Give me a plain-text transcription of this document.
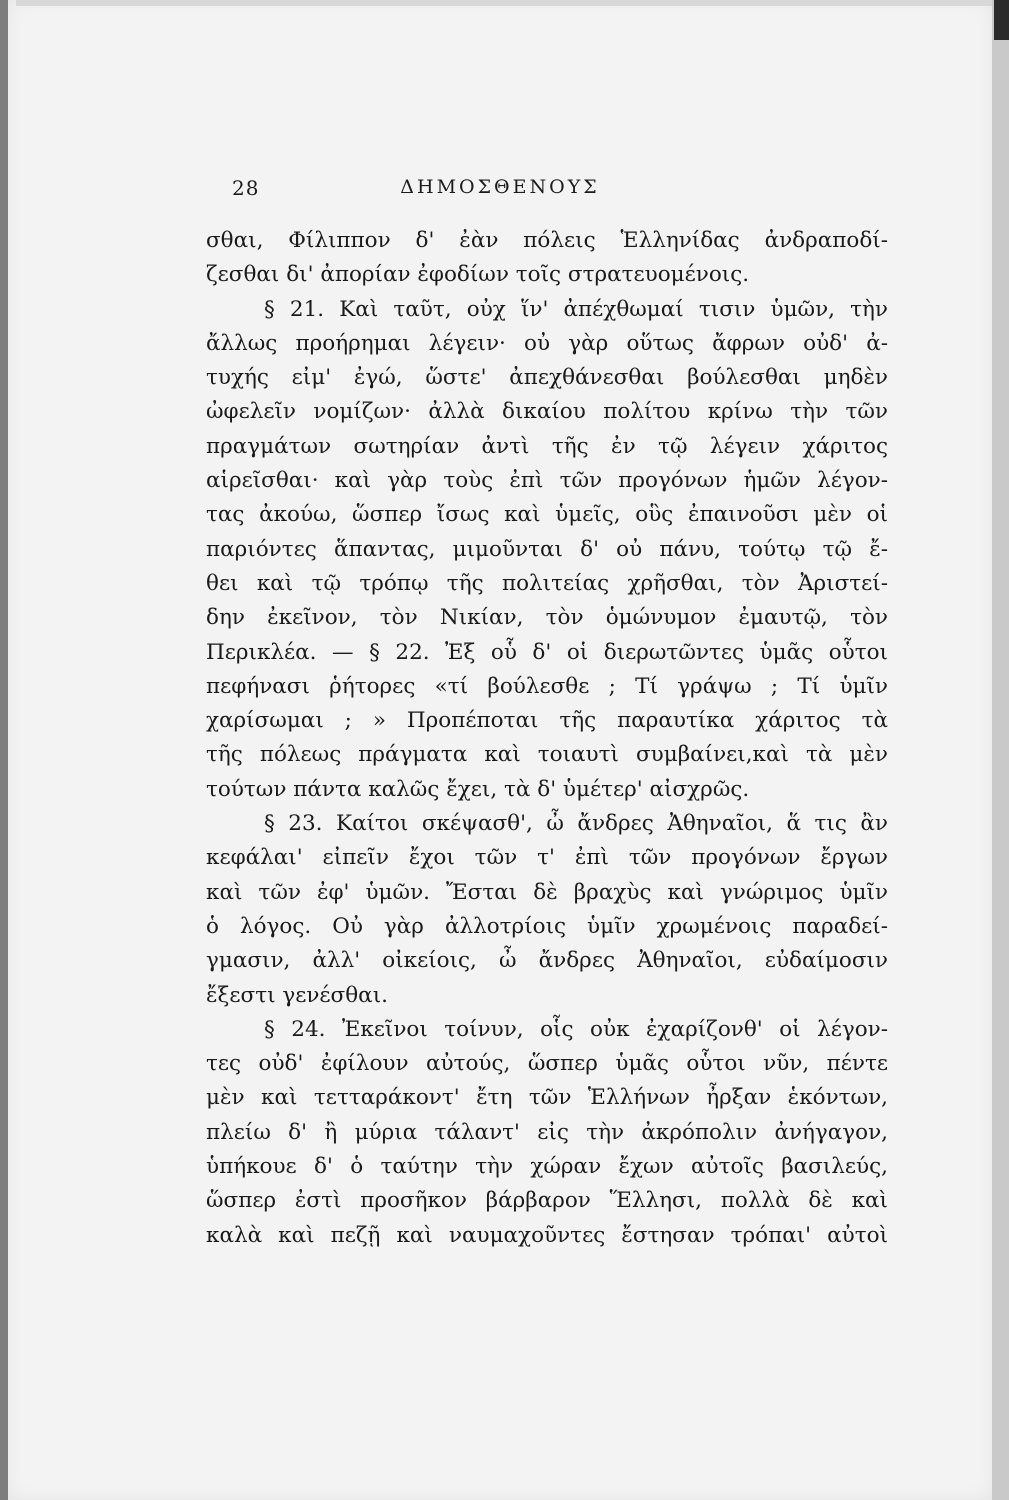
28	ΔΗΜΟΣΘΕΝΟΥΣ
σθαι, Φίλιππον δ' ἐὰν πόλεις Ἑλληνίδας ἀνδραποδί-
ζεσθαι δι' ἀπορίαν ἐφοδίων τοῖς στρατευομένοις.
§ 21. Καὶ ταῦτ, οὐχ ἵν' ἀπέχθωμαί τισιν ὑμῶν, τὴν
ἄλλως προήρημαι λέγειν· οὐ γὰρ οὕτως ἄφρων οὐδ' ἀ-
τυχής εἰμ' ἐγώ, ὥστε' ἀπεχθάνεσθαι βούλεσθαι μηδὲν
ὠφελεῖν νομίζων· ἀλλὰ δικαίου πολίτου κρίνω τὴν τῶν
πραγμάτων σωτηρίαν ἀντὶ τῆς ἐν τῷ λέγειν χάριτος
αἱρεῖσθαι· καὶ γὰρ τοὺς ἐπὶ τῶν προγόνων ἡμῶν λέγον-
τας ἀκούω, ὥσπερ ἴσως καὶ ὑμεῖς, οὓς ἐπαινοῦσι μὲν οἱ
παριόντες ἅπαντας, μιμοῦνται δ' οὐ πάνυ, τούτῳ τῷ ἔ-
θει καὶ τῷ τρόπῳ τῆς πολιτείας χρῆσθαι, τὸν Ἀριστεί-
δην ἐκεῖνον, τὸν Νικίαν, τὸν ὁμώνυμον ἐμαυτῷ, τὸν
Περικλέα. — § 22. Ἐξ οὗ δ' οἱ διερωτῶντες ὑμᾶς οὗτοι
πεφήνασι ῥήτορες «τί βούλεσθε ; Τί γράψω ; Τί ὑμῖν
χαρίσωμαι ; » Προπέποται τῆς παραυτίκα χάριτος τὰ
τῆς πόλεως πράγματα καὶ τοιαυτὶ συμβαίνει,καὶ τὰ μὲν
τούτων πάντα καλῶς ἔχει, τὰ δ' ὑμέτερ' αἰσχρῶς.
§ 23. Καίτοι σκέψασθ', ὦ ἄνδρες Ἀθηναῖοι, ἅ τις ἂν
κεφάλαι' εἰπεῖν ἔχοι τῶν τ' ἐπὶ τῶν προγόνων ἔργων
καὶ τῶν ἐφ' ὑμῶν. Ἔσται δὲ βραχὺς καὶ γνώριμος ὑμῖν
ὁ λόγος. Οὐ γὰρ ἀλλοτρίοις ὑμῖν χρωμένοις παραδεί-
γμασιν, ἀλλ' οἰκείοις, ὦ ἄνδρες Ἀθηναῖοι, εὐδαίμοσιν
ἔξεστι γενέσθαι.
§ 24. Ἐκεῖνοι τοίνυν, οἷς οὐκ ἐχαρίζονθ' οἱ λέγον-
τες οὐδ' ἐφίλουν αὐτούς, ὥσπερ ὑμᾶς οὗτοι νῦν, πέντε
μὲν καὶ τετταράκοντ' ἔτη τῶν Ἑλλήνων ἦρξαν ἑκόντων,
πλείω δ' ἢ μύρια τάλαντ' εἰς τὴν ἀκρόπολιν ἀνήγαγον,
ὑπήκουε δ' ὁ ταύτην τὴν χώραν ἔχων αὐτοῖς βασιλεύς,
ὥσπερ ἐστὶ προσῆκον βάρβαρον Ἕλλησι, πολλὰ δὲ καὶ
καλὰ καὶ πεζῇ καὶ ναυμαχοῦντες ἔστησαν τρόπαι' αὐτοὶ
